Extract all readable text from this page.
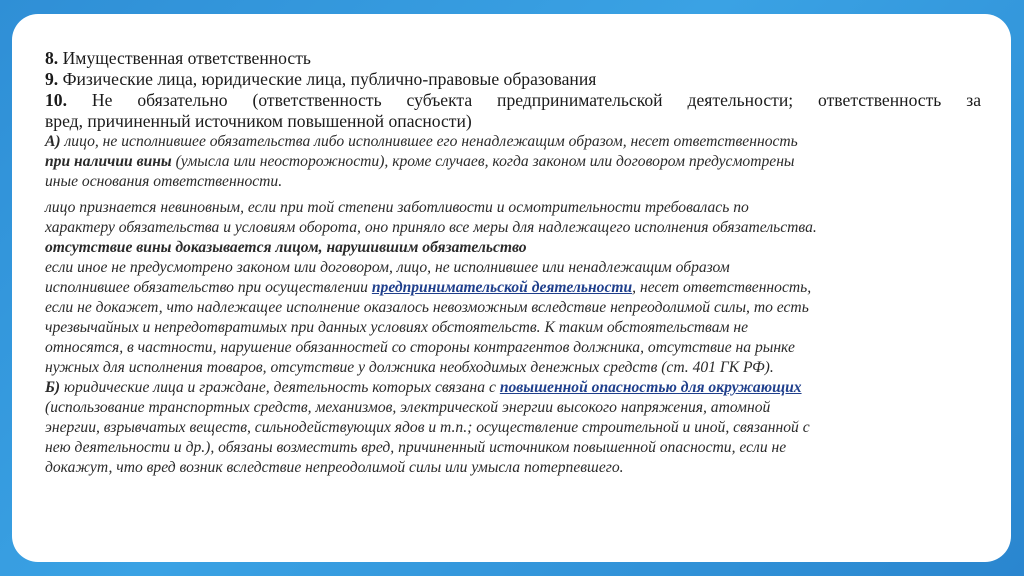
8. Имущественная ответственность
9. Физические лица, юридические лица, публично-правовые образования
10. Не обязательно (ответственность субъекта предпринимательской деятельности; ответственность за
вред, причиненный источником повышенной опасности)
А) лицо, не исполнившее обязательства либо исполнившее его ненадлежащим образом, несет ответственность
при наличии вины (умысла или неосторожности), кроме случаев, когда законом или договором предусмотрены
иные основания ответственности.
лицо признается невиновным, если при той степени заботливости и осмотрительности требовалась по
характеру обязательства и условиям оборота, оно приняло все меры для надлежащего исполнения обязательства.
отсутствие вины доказывается лицом, нарушившим обязательство
если иное не предусмотрено законом или договором, лицо, не исполнившее или ненадлежащим образом
исполнившее обязательство при осуществлении предпринимательской деятельности, несет ответственность,
если не докажет, что надлежащее исполнение оказалось невозможным вследствие непреодолимой силы, то есть
чрезвычайных и непредотвратимых при данных условиях обстоятельств. К таким обстоятельствам не
относятся, в частности, нарушение обязанностей со стороны контрагентов должника, отсутствие на рынке
нужных для исполнения товаров, отсутствие у должника необходимых денежных средств (ст. 401 ГК РФ).
Б) юридические лица и граждане, деятельность которых связана с повышенной опасностью для окружающих
(использование транспортных средств, механизмов, электрической энергии высокого напряжения, атомной
энергии, взрывчатых веществ, сильнодействующих ядов и т.п.; осуществление строительной и иной, связанной с
нею деятельности и др.), обязаны возместить вред, причиненный источником повышенной опасности, если не
докажут, что вред возник вследствие непреодолимой силы или умысла потерпевшего.
